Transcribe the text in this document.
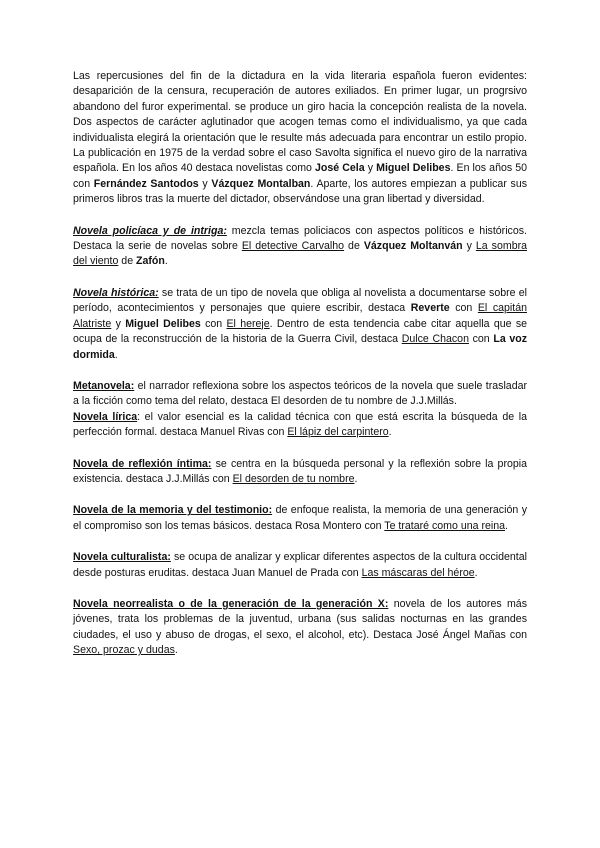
Las repercusiones del fin de la dictadura en la vida literaria española fueron evidentes: desaparición de la censura, recuperación de autores exiliados. En primer lugar, un progrsivo abandono del furor experimental. se produce un giro hacia la concepción realista de la novela. Dos aspectos de carácter aglutinador que acogen temas como el individualismo, ya que cada individualista elegirá la orientación que le resulte más adecuada para encontrar un estilo propio. La publicación en 1975 de la verdad sobre el caso Savolta significa el nuevo giro de la narrativa española. En los años 40 destaca novelistas como José Cela y Miguel Delibes. En los años 50 con Fernández Santodos y Vázquez Montalban. Aparte, los autores empiezan a publicar sus primeros libros tras la muerte del dictador, observándose una gran libertad y diversidad.

Novela policíaca y de intriga: mezcla temas policiacos con aspectos políticos e históricos. Destaca la serie de novelas sobre El detective Carvalho de Vázquez Moltanván y La sombra del viento de Zafón.

Novela histórica: se trata de un tipo de novela que obliga al novelista a documentarse sobre el período, acontecimientos y personajes que quiere escribir, destaca Reverte con El capitán Alatriste y Miguel Delibes con El hereje. Dentro de esta tendencia cabe citar aquella que se ocupa de la reconstrucción de la historia de la Guerra Civil, destaca Dulce Chacon con La voz dormida.

Metanovela: el narrador reflexiona sobre los aspectos teóricos de la novela que suele trasladar a la ficción como tema del relato, destaca El desorden de tu nombre de J.J.Millás.

Novela lírica: el valor esencial es la calidad técnica con que está escrita la búsqueda de la perfección formal. destaca Manuel Rivas con El lápiz del carpintero.

Novela de reflexión íntima: se centra en la búsqueda personal y la reflexión sobre la propia existencia. destaca J.J.Millás con El desorden de tu nombre.

Novela de la memoria y del testimonio: de enfoque realista, la memoria de una generación y el compromiso son los temas básicos. destaca Rosa Montero con Te trataré como una reina.

Novela culturalista: se ocupa de analizar y explicar diferentes aspectos de la cultura occidental desde posturas eruditas. destaca Juan Manuel de Prada con Las máscaras del héroe.

Novela neorrealista o de la generación de la generación X: novela de los autores más jóvenes, trata los problemas de la juventud, urbana (sus salidas nocturnas en las grandes ciudades, el uso y abuso de drogas, el sexo, el alcohol, etc). Destaca José Ángel Mañas con Sexo, prozac y dudas.
